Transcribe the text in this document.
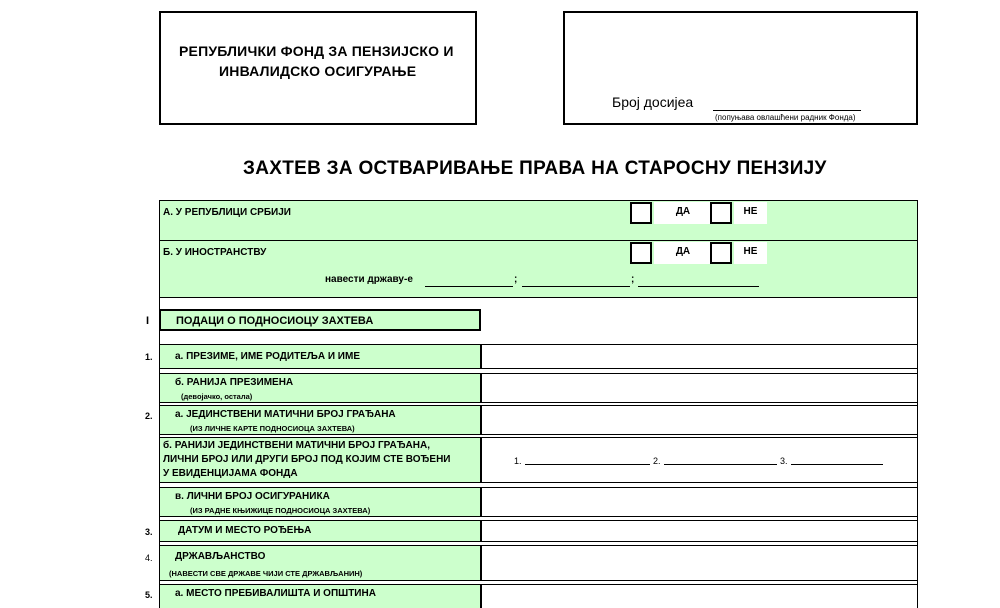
РЕПУБЛИЧКИ ФОНД ЗА ПЕНЗИЈСКО И
ИНВАЛИДСКО ОСИГУРАЊЕ
Број досијеа
(попуњава овлашћени радник Фонда)
ЗАХТЕВ ЗА ОСТВАРИВАЊЕ ПРАВА НА СТАРОСНУ ПЕНЗИЈУ
А. У РЕПУБЛИЦИ СРБИЈИ	ДА	НЕ
Б. У ИНОСТРАНСТВУ	ДА	НЕ
навести државу-е	;	;
I ПОДАЦИ О ПОДНОСИОЦУ ЗАХТЕВА
1. а. ПРЕЗИМЕ, ИМЕ РОДИТЕЉА И ИМЕ
б. РАНИЈА ПРЕЗИМЕНА
(девојачко, остала)
2. а. ЈЕДИНСТВЕНИ МАТИЧНИ БРОЈ ГРАЂАНА
(ИЗ ЛИЧНЕ КАРТЕ ПОДНОСИОЦА ЗАХТЕВА)
б. РАНИЈИ ЈЕДИНСТВЕНИ МАТИЧНИ БРОЈ ГРАЂАНА,
ЛИЧНИ БРОЈ ИЛИ ДРУГИ БРОЈ ПОД КОЈИМ СТЕ ВОЂЕНИ
У ЕВИДЕНЦИЈАМА ФОНДА
1.	2.	3.
в. ЛИЧНИ БРОЈ ОСИГУРАНИКА
(ИЗ РАДНЕ КЊИЖИЦЕ ПОДНОСИОЦА ЗАХТЕВА)
3.	ДАТУМ И МЕСТО РОЂЕЊА
4. ДРЖАВЉАНСТВО
(НАВЕСТИ СВЕ ДРЖАВЕ ЧИЈИ СТЕ ДРЖАВЉАНИН)
5. а. МЕСТО ПРЕБИВАЛИШТА И ОПШТИНА
